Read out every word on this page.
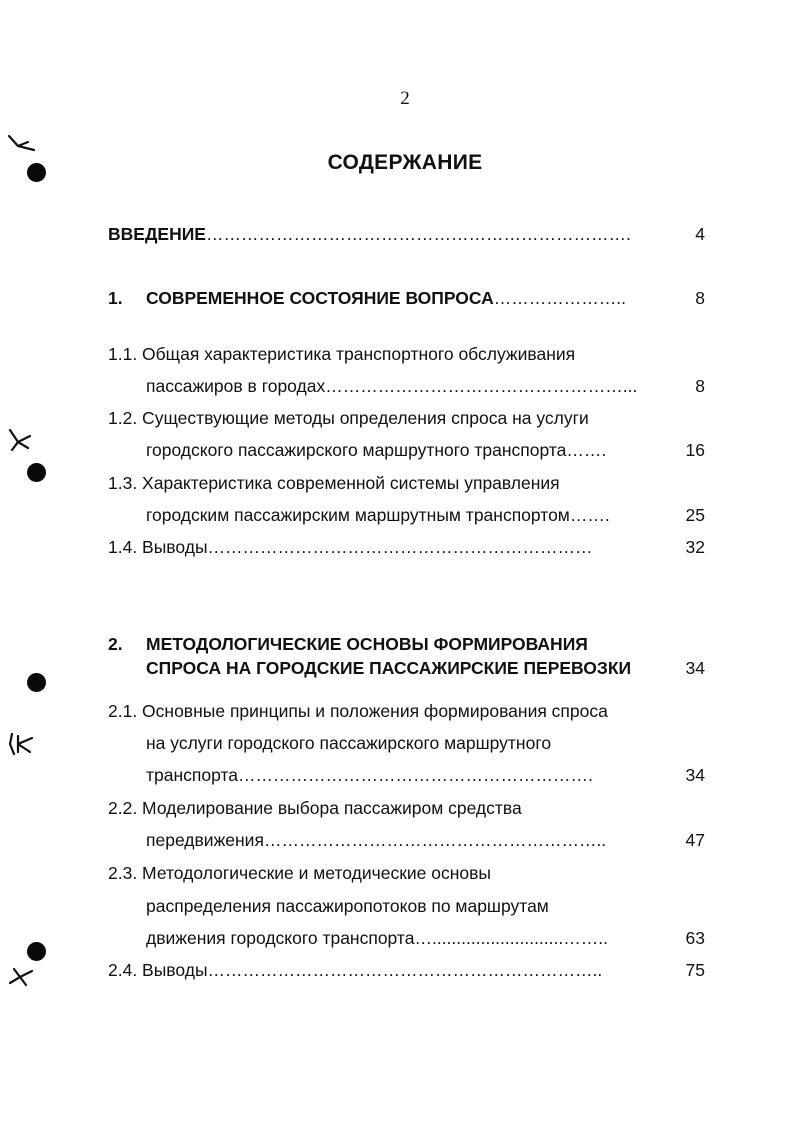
2
СОДЕРЖАНИЕ
ВВЕДЕНИЕ……………………………………………………………….	4
1. СОВРЕМЕННОЕ СОСТОЯНИЕ ВОПРОСА…………………..	8
1.1. Общая характеристика транспортного обслуживания
пассажиров в городах……………………………………………...	8
1.2. Существующие методы определения спроса на услуги
городского пассажирского маршрутного транспорта…….	16
1.3. Характеристика современной системы управления
городским пассажирским маршрутным транспортом…….	25
1.4. Выводы…………………………………………………………	32
2. МЕТОДОЛОГИЧЕСКИЕ ОСНОВЫ ФОРМИРОВАНИЯ
СПРОСА НА ГОРОДСКИЕ ПАССАЖИРСКИЕ ПЕРЕВОЗКИ	34
2.1. Основные принципы и положения формирования спроса
на услуги городского пассажирского маршрутного
транспорта…………………………………………………….	34
2.2. Моделирование выбора пассажиром средства
передвижения…………………………………………………..	47
2.3. Методологические и методические основы
распределения пассажиропотоков по маршрутам
движения городского транспорта…...........................……..	63
2.4. Выводы…………………………………………………………..	75
